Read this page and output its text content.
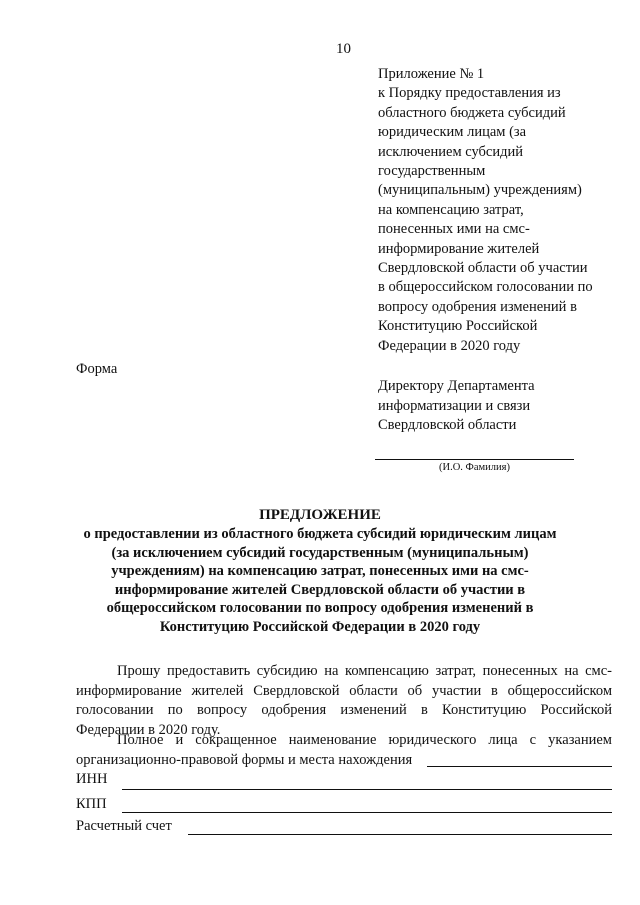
10
Приложение № 1
к Порядку предоставления из
областного бюджета субсидий
юридическим лицам (за
исключением субсидий
государственным
(муниципальным) учреждениям)
на компенсацию затрат,
понесенных ими на смс-
информирование жителей
Свердловской области об участии
в общероссийском голосовании по
вопросу одобрения изменений в
Конституцию Российской
Федерации в 2020 году
Форма
Директору Департамента
информатизации и связи
Свердловской области
(И.О. Фамилия)
ПРЕДЛОЖЕНИЕ
о предоставлении из областного бюджета субсидий юридическим лицам
(за исключением субсидий государственным (муниципальным)
учреждениям) на компенсацию затрат, понесенных ими на смс-
информирование жителей Свердловской области об участии в
общероссийском голосовании по вопросу одобрения изменений в
Конституцию Российской Федерации в 2020 году
Прошу предоставить субсидию на компенсацию затрат, понесенных на смс-
информирование жителей Свердловской области об участии в общероссийском
голосовании по вопросу одобрения изменений в Конституцию Российской
Федерации в 2020 году.
Полное и сокращенное наименование юридического лица с указанием
организационно-правовой формы и места нахождения
ИНН
КПП
Расчетный счет
